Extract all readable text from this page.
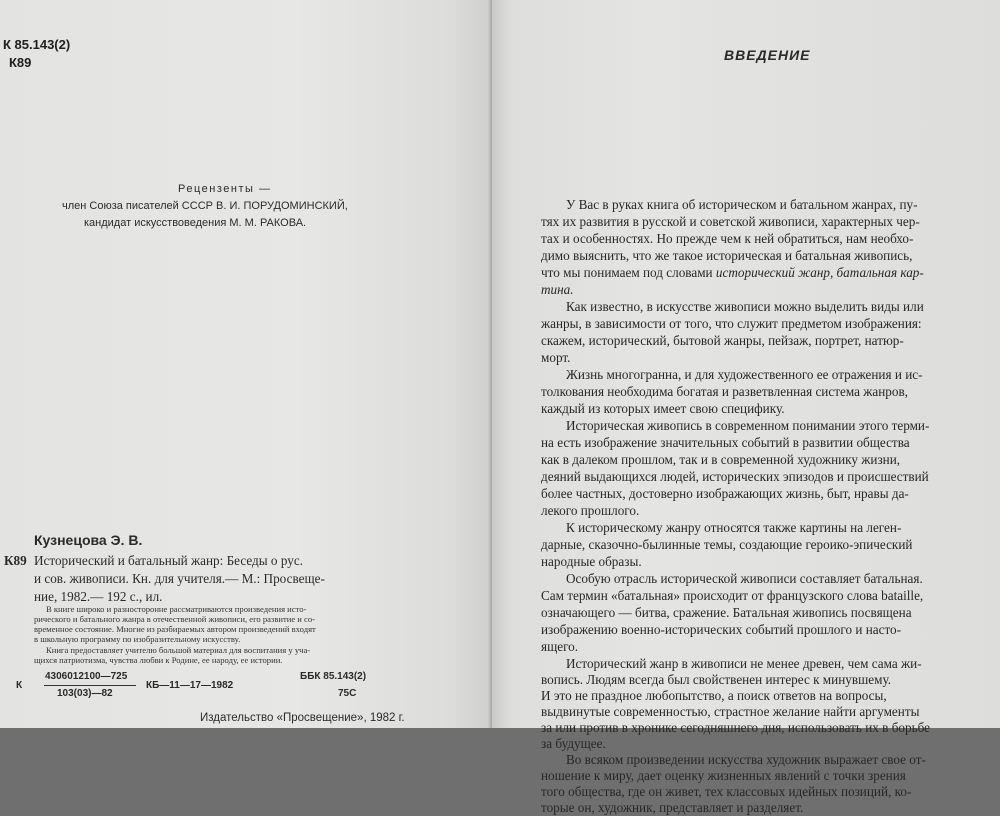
К 85.143(2)
К89
Рецензенты —
член Союза писателей СССР В. И. ПОРУДОМИНСКИЙ,
кандидат искусствоведения М. М. РАКОВА.
Кузнецова Э. В.
К89 Исторический и батальный жанр: Беседы о рус.
и сов. живописи. Кн. для учителя.— М.: Просвеще-
ние, 1982.— 192 с., ил.
В книге широко и разносторонне рассматриваются произведения исто-
рического и батального жанра в отечественной живописи, его развитие и со-
временное состояние. Многие из разбираемых автором произведений входят
в школьную программу по изобразительному искусству.
Книга предоставляет учителю большой материал для воспитания у уча-
щихся патриотизма, чувства любви к Родине, ее народу, ее истории.
К
4306012100—725
103(03)—82
КБ—11—17—1982
ББК 85.143(2)
75С
Издательство «Просвещение», 1982 г.
ВВЕДЕНИЕ
У Вас в руках книга об историческом и батальном жанрах, пу-
тях их развития в русской и советской живописи, характерных чер-
тах и особенностях. Но прежде чем к ней обратиться, нам необхо-
димо выяснить, что же такое историческая и батальная живопись,
что мы понимаем под словами исторический жанр, батальная кар-
тина.
Как известно, в искусстве живописи можно выделить виды или
жанры, в зависимости от того, что служит предметом изображения:
скажем, исторический, бытовой жанры, пейзаж, портрет, натюр-
морт.
Жизнь многогранна, и для художественного ее отражения и ис-
толкования необходима богатая и разветвленная система жанров,
каждый из которых имеет свою специфику.
Историческая живопись в современном понимании этого терми-
на есть изображение значительных событий в развитии общества
как в далеком прошлом, так и в современной художнику жизни,
деяний выдающихся людей, исторических эпизодов и происшествий
более частных, достоверно изображающих жизнь, быт, нравы да-
лекого прошлого.
К историческому жанру относятся также картины на леген-
дарные, сказочно-былинные темы, создающие героико-эпический
народные образы.
Особую отрасль исторической живописи составляет батальная.
Сам термин «батальная» происходит от французского слова bataille,
означающего — битва, сражение. Батальная живопись посвящена
изображению военно-исторических событий прошлого и насто-
ящего.
Исторический жанр в живописи не менее древен, чем сама жи-
вопись. Людям всегда был свойственен интерес к минувшему.
И это не праздное любопытство, а поиск ответов на вопросы,
выдвинутые современностью, страстное желание найти аргументы
за или против в хронике сегодняшнего дня, использовать их в борьбе
за будущее.
Во всяком произведении искусства художник выражает свое от-
ношение к миру, дает оценку жизненных явлений с точки зрения
того общества, где он живет, тех классовых идейных позиций, ко-
торые он, художник, представляет и разделяет.
